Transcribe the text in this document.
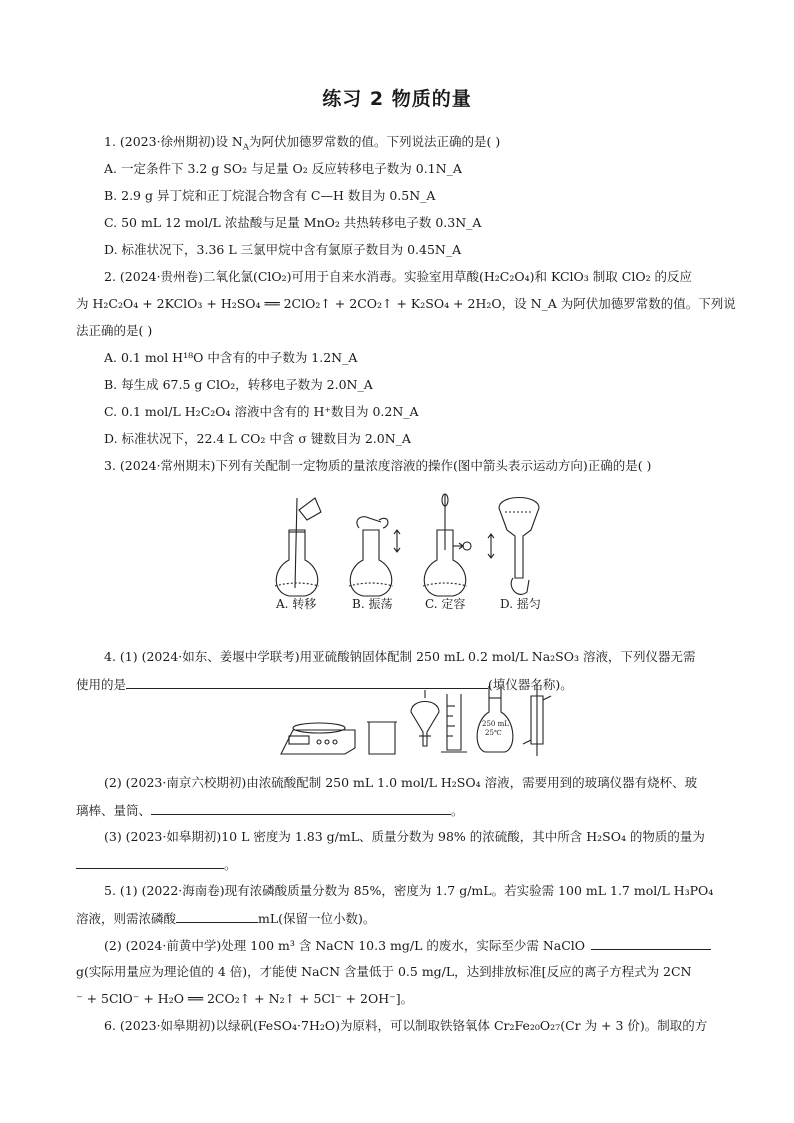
练习 2 物质的量
1. (2023·徐州期初)设 $N_A$为阿伏加德罗常数的值。下列说法正确的是( )
A. 一定条件下 3.2 g SO₂ 与足量 O₂ 反应转移电子数为 0.1N_A
B. 2.9 g 异丁烷和正丁烷混合物含有 C—H 数目为 0.5N_A
C. 50 mL 12 mol/L 浓盐酸与足量 MnO₂ 共热转移电子数 0.3N_A
D. 标准状况下，3.36 L 三氯甲烷中含有氯原子数目为 0.45N_A
2. (2024·贵州卷)二氧化氯(ClO₂)可用于自来水消毒。实验室用草酸(H₂C₂O₄)和 KClO₃ 制取 ClO₂ 的反应
为 H₂C₂O₄ + 2KClO₃ + H₂SO₄ ══ 2ClO₂↑ + 2CO₂↑ + K₂SO₄ + 2H₂O，设 N_A 为阿伏加德罗常数的值。下列说
法正确的是( )
A. 0.1 mol H¹⁸O 中含有的中子数为 1.2N_A
B. 每生成 67.5 g ClO₂，转移电子数为 2.0N_A
C. 0.1 mol/L H₂C₂O₄ 溶液中含有的 H⁺数目为 0.2N_A
D. 标准状况下，22.4 L CO₂ 中含 σ 键数目为 2.0N_A
3. (2024·常州期末)下列有关配制一定物质的量浓度溶液的操作(图中箭头表示运动方向)正确的是( )
A. 转移	B. 振荡	C. 定容	D. 摇匀
4. (1) (2024·如东、姜堰中学联考)用亚硫酸钠固体配制 250 mL 0.2 mol/L Na₂SO₃ 溶液，下列仪器无需
使用的是	(填仪器名称)。
250 mL
25℃
(2) (2023·南京六校期初)由浓硫酸配制 250 mL 1.0 mol/L H₂SO₄ 溶液，需要用到的玻璃仪器有烧杯、玻
璃棒、量筒、	。
(3) (2023·如皋期初)10 L 密度为 1.83 g/mL、质量分数为 98% 的浓硫酸，其中所含 H₂SO₄ 的物质的量为
。
5. (1) (2022·海南卷)现有浓磷酸质量分数为 85%，密度为 1.7 g/mL。若实验需 100 mL 1.7 mol/L H₃PO₄
溶液，则需浓磷酸	mL(保留一位小数)。
(2) (2024·前黄中学)处理 100 m³ 含 NaCN 10.3 mg/L 的废水，实际至少需 NaClO
g(实际用量应为理论值的 4 倍)，才能使 NaCN 含量低于 0.5 mg/L，达到排放标准[反应的离子方程式为 2CN
⁻ + 5ClO⁻ + H₂O ══ 2CO₂↑ + N₂↑ + 5Cl⁻ + 2OH⁻]。
6. (2023·如皋期初)以绿矾(FeSO₄·7H₂O)为原料，可以制取铁铬氧体 Cr₂Fe₂₀O₂₇(Cr 为 + 3 价)。制取的方
